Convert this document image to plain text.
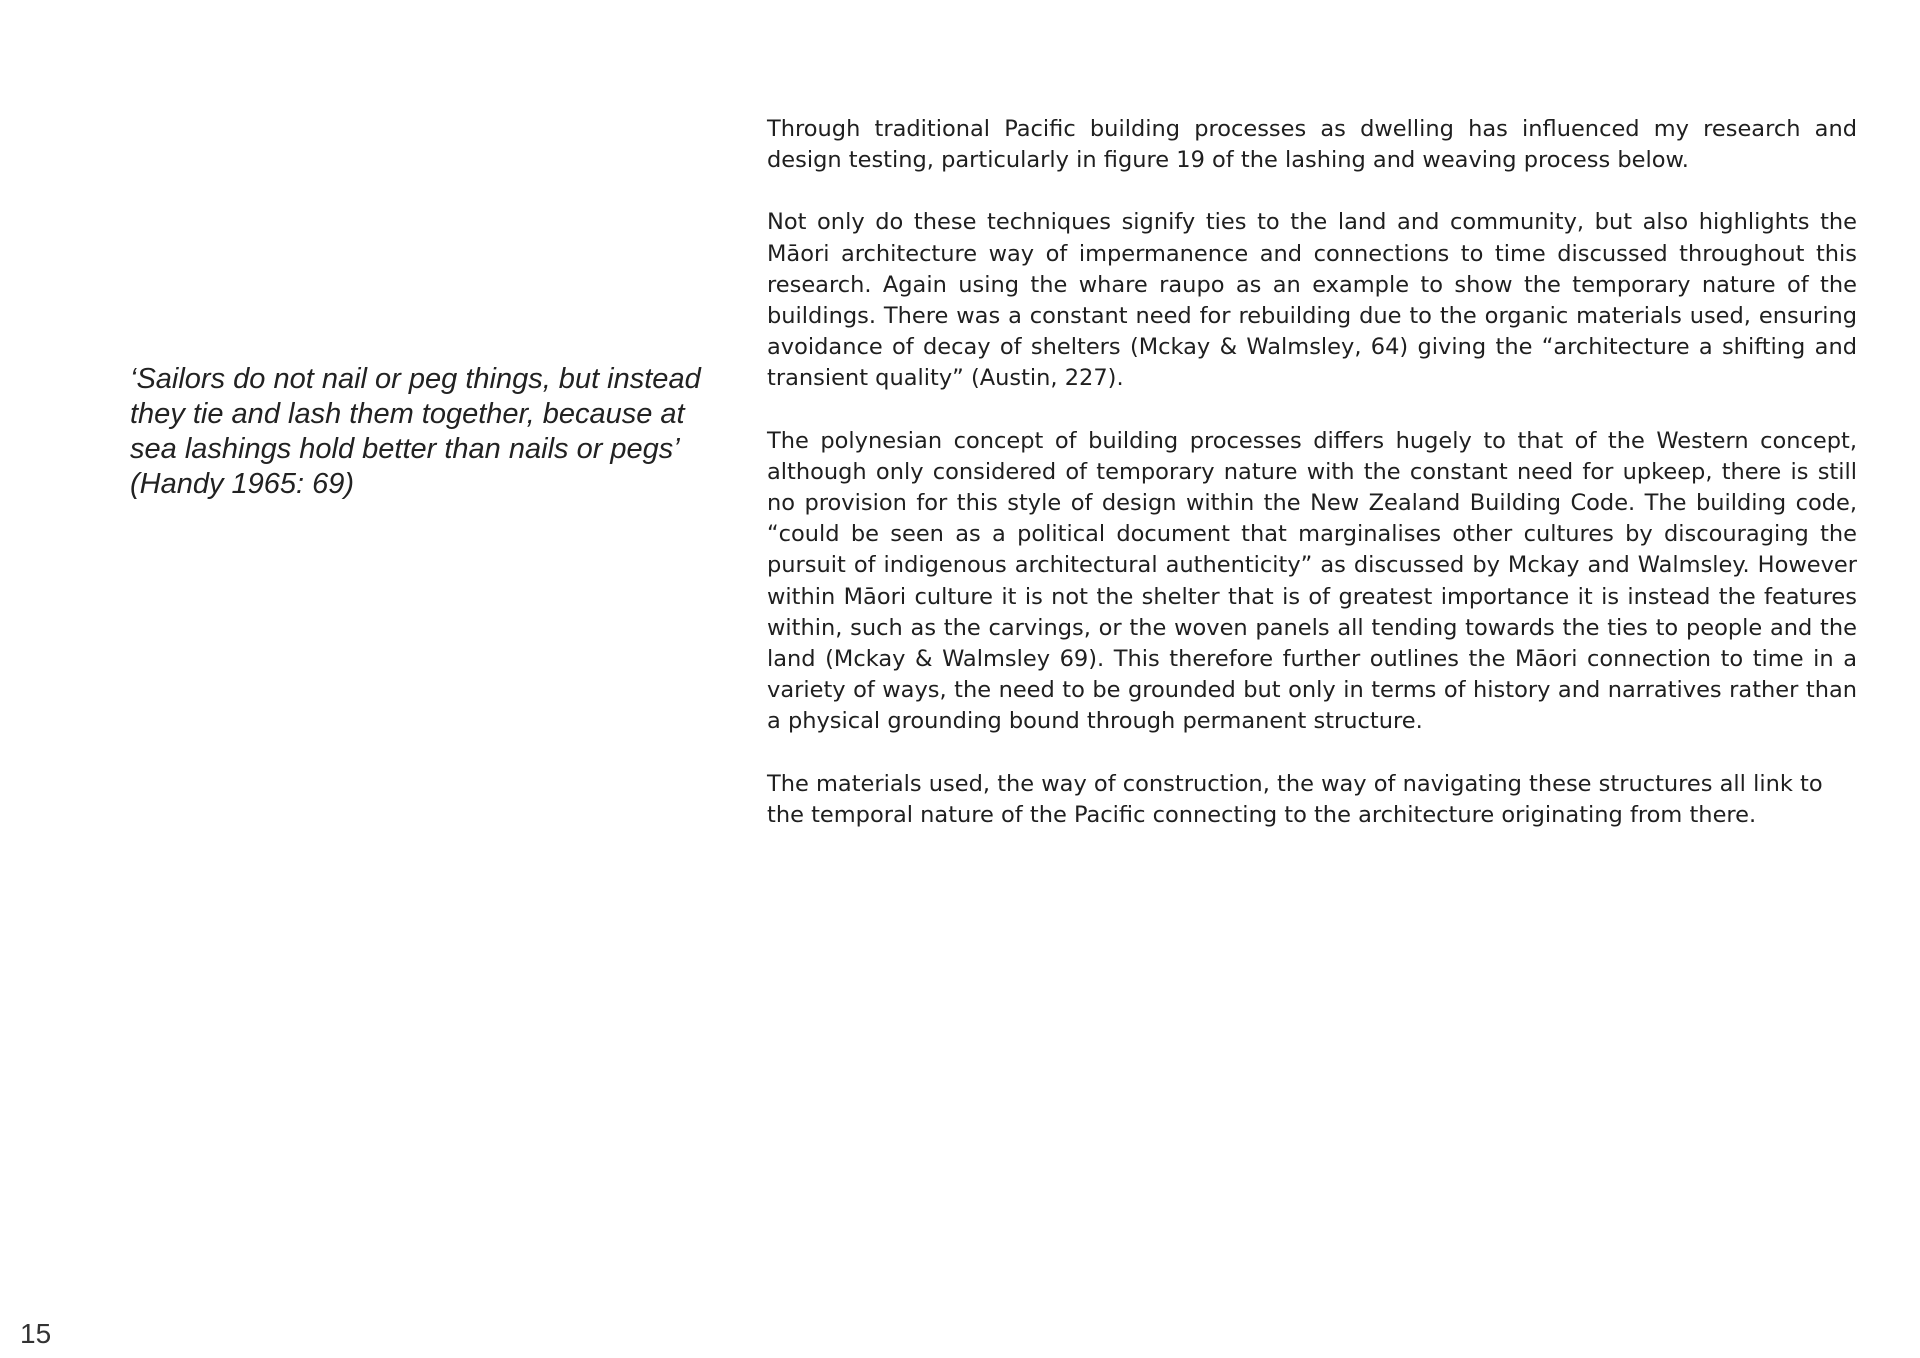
‘Sailors do not nail or peg things, but instead they tie and lash them together, because at sea lashings hold better than nails or pegs’ (Handy 1965: 69)

Through traditional Pacific building processes as dwelling has influenced my research and design testing, particularly in figure 19 of the lashing and weaving process below.

Not only do these techniques signify ties to the land and community, but also highlights the Māori architecture way of impermanence and connections to time discussed throughout this research. Again using the whare raupo as an example to show the temporary nature of the buildings. There was a constant need for rebuilding due to the organic materials used, ensuring avoidance of decay of shelters (Mckay & Walmsley, 64) giving the “architecture a shifting and transient quality” (Austin, 227).

The polynesian concept of building processes differs hugely to that of the Western concept, although only considered of temporary nature with the constant need for upkeep, there is still no provision for this style of design within the New Zealand Building Code. The building code, “could be seen as a political document that marginalises other cultures by discouraging the pursuit of indigenous architectural authenticity” as discussed by Mckay and Walmsley. However within Māori culture it is not the shelter that is of greatest importance it is instead the features within, such as the carvings, or the woven panels all tending towards the ties to people and the land (Mckay & Walmsley 69). This therefore further outlines the Māori connection to time in a variety of ways, the need to be grounded but only in terms of history and narratives rather than a physical grounding bound through permanent structure.

The materials used, the way of construction, the way of navigating these structures all link to the temporal nature of the Pacific connecting to the architecture originating from there.

15
